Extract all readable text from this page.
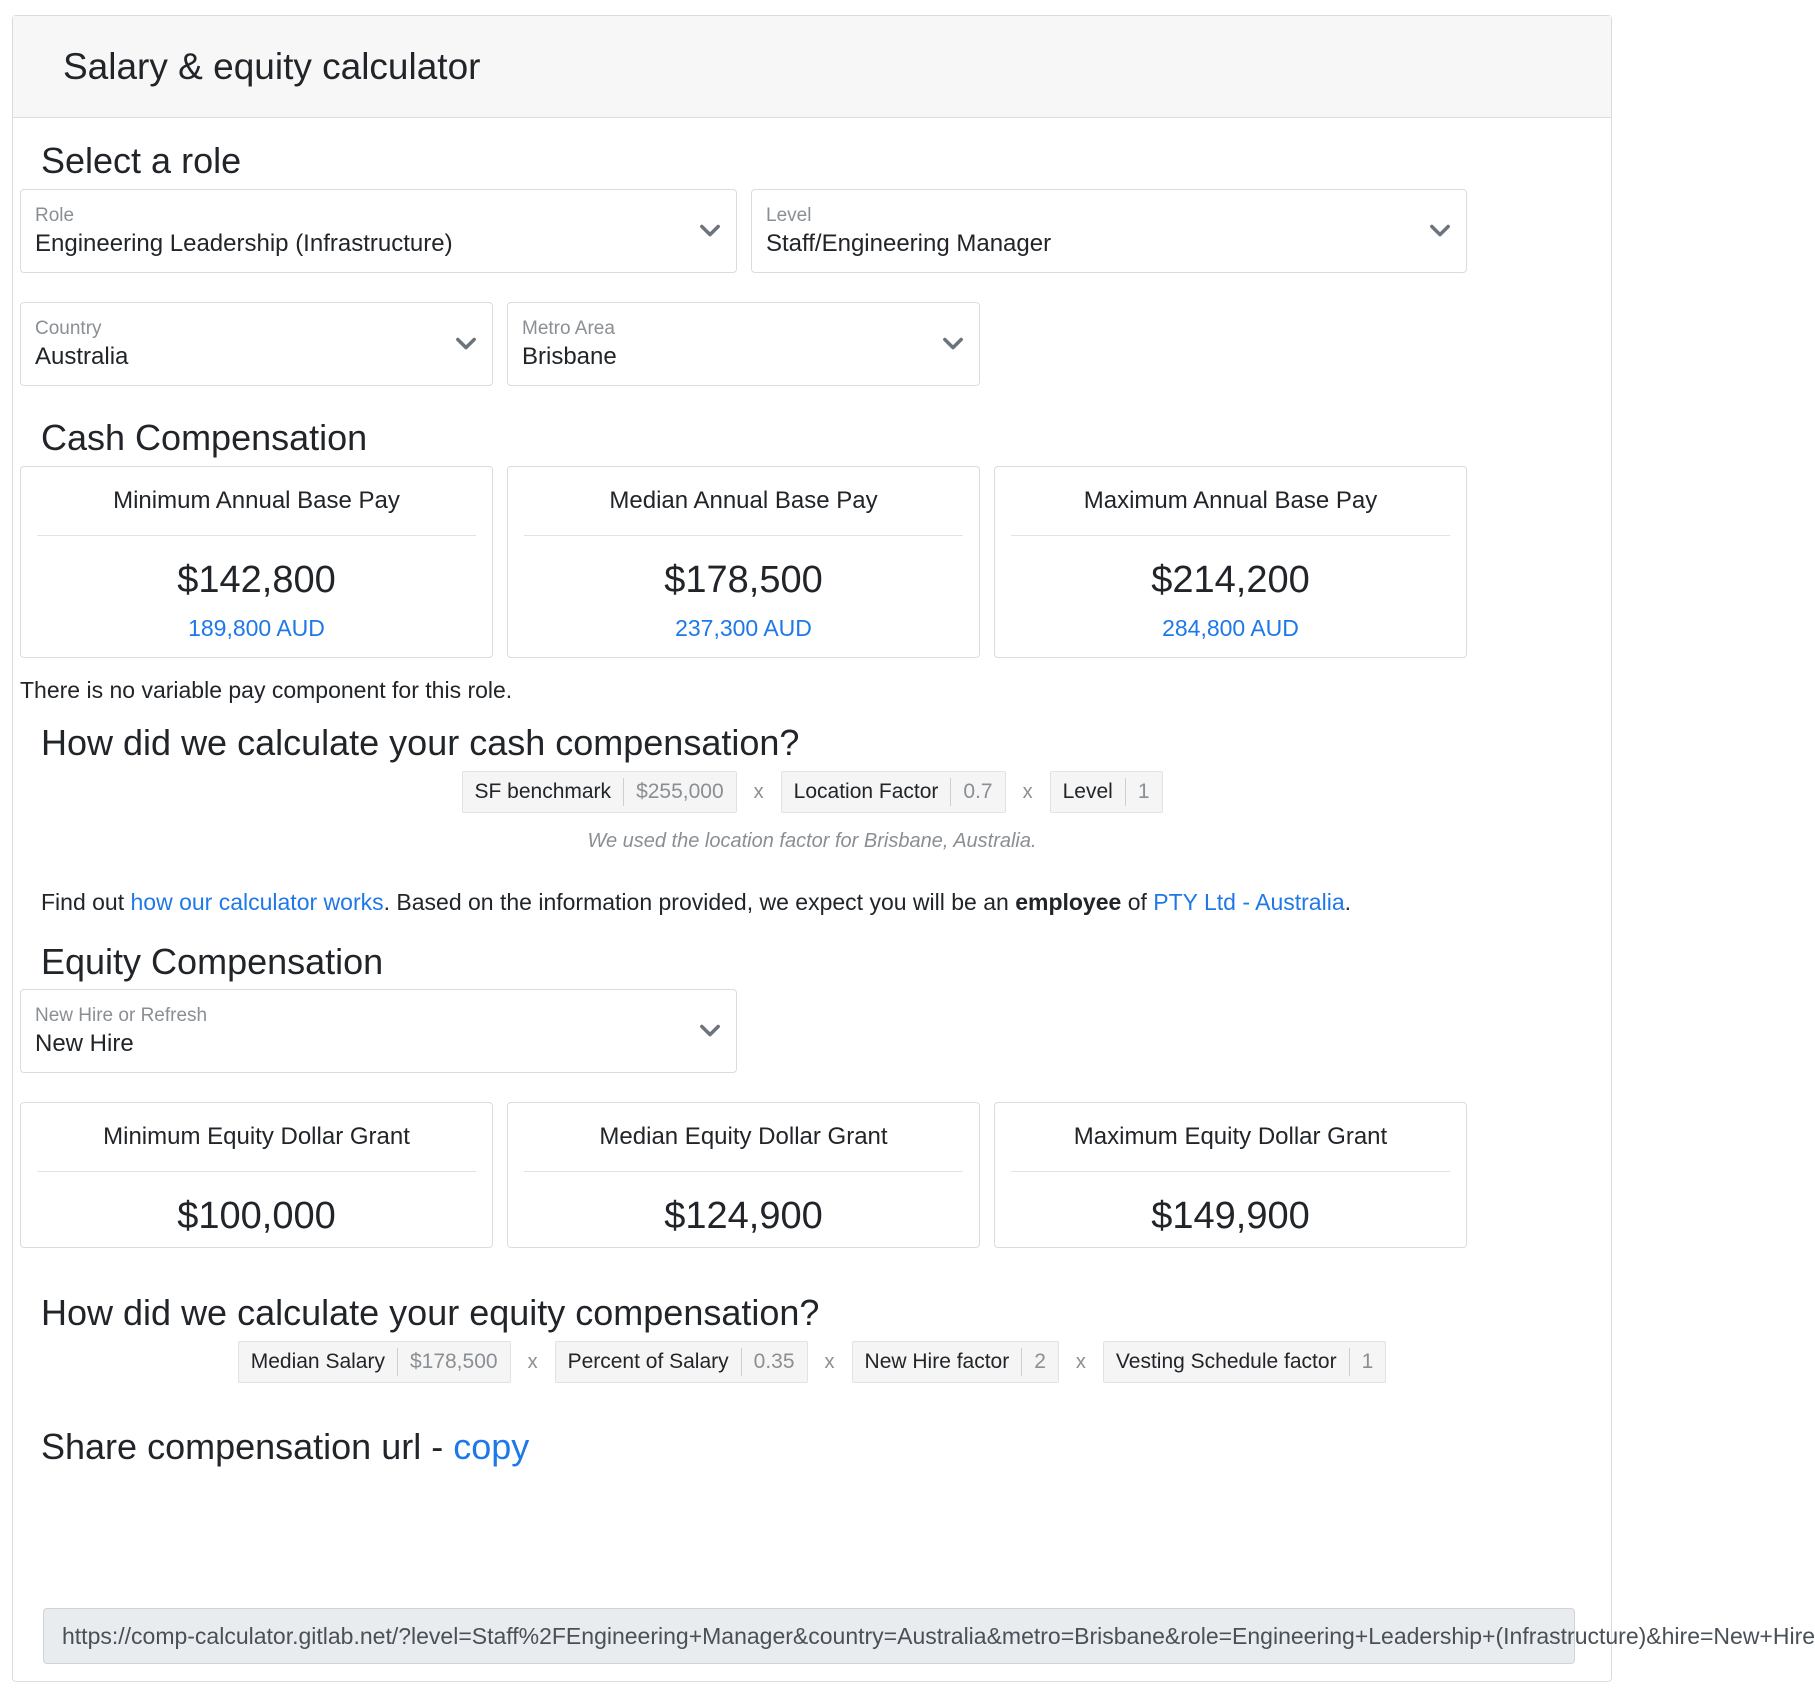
Salary & equity calculator
Select a role
Role
Engineering Leadership (Infrastructure)
Level
Staff/Engineering Manager
Country
Australia
Metro Area
Brisbane
Cash Compensation
Minimum Annual Base Pay
$142,800
189,800 AUD
Median Annual Base Pay
$178,500
237,300 AUD
Maximum Annual Base Pay
$214,200
284,800 AUD
There is no variable pay component for this role.
How did we calculate your cash compensation?
SF benchmark $255,000 x Location Factor 0.7 x Level 1
We used the location factor for Brisbane, Australia.
Find out how our calculator works. Based on the information provided, we expect you will be an employee of PTY Ltd - Australia.
Equity Compensation
New Hire or Refresh
New Hire
Minimum Equity Dollar Grant
$100,000
Median Equity Dollar Grant
$124,900
Maximum Equity Dollar Grant
$149,900
How did we calculate your equity compensation?
Median Salary $178,500 x Percent of Salary 0.35 x New Hire factor 2 x Vesting Schedule factor 1
Share compensation url - copy
https://comp-calculator.gitlab.net/?level=Staff%2FEngineering+Manager&country=Australia&metro=Brisbane&role=Engineering+Leadership+(Infrastructure)&hire=New+Hire
